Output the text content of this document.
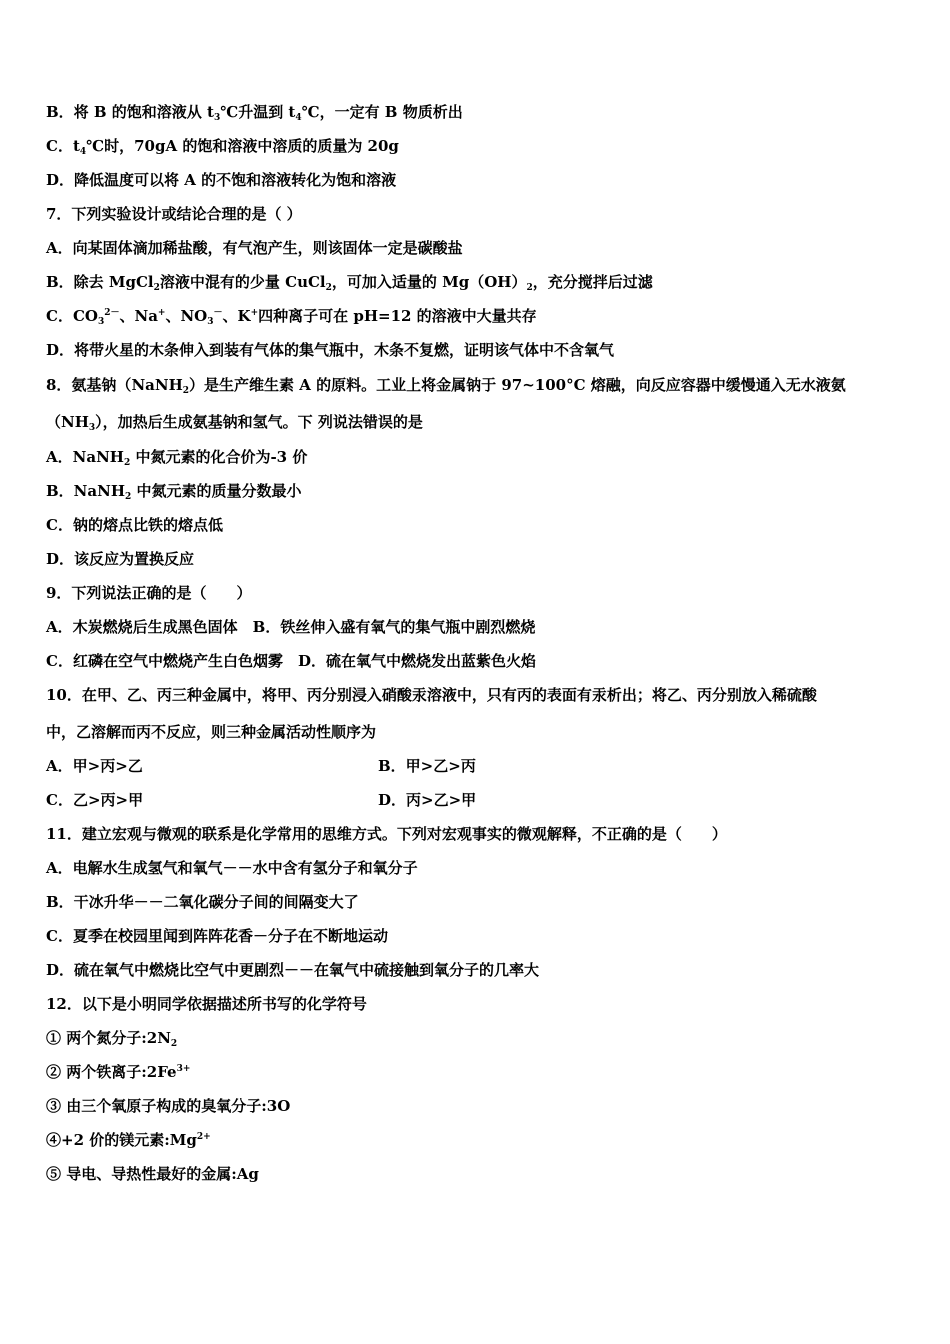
B．将 B 的饱和溶液从 $t_3℃$升温到 $t_4℃$，一定有 B 物质析出
C．$t_4℃$时，70gA 的饱和溶液中溶质的质量为 20g
D．降低温度可以将 A 的不饱和溶液转化为饱和溶液
7．下列实验设计或结论合理的是（ ）
A．向某固体滴加稀盐酸，有气泡产生，则该固体一定是碳酸盐
B．除去 MgCl$_2$溶液中混有的少量 CuCl$_2$，可加入适量的 $Mg(OH)_2$，充分搅拌后过滤
C．$CO_3^{2-}$、Na+、$NO_3^-$、K+四种离子可在 pH=12 的溶液中大量共存
D．将带火星的木条伸入到装有气体的集气瓶中，木条不复燃，证明该气体中不含氧气
8．氨基钠（NaNH$_2$）是生产维生素 A 的原料。工业上将金属钠于 97~100°C 熔融，向反应容器中缓慢通入无水液氨
$(NH_3)$，加热后生成氨基钠和氢气。下 列说法错误的是
A．NaNH$_2$ 中氮元素的化合价为-3 价
B．NaNH$_2$ 中氮元素的质量分数最小
C．钠的熔点比铁的熔点低
D．该反应为置换反应
9．下列说法正确的是（　　）
A．木炭燃烧后生成黑色固体　B．铁丝伸入盛有氧气的集气瓶中剧烈燃烧
C．红磷在空气中燃烧产生白色烟雾　D．硫在氧气中燃烧发出蓝紫色火焰
10．在甲、乙、丙三种金属中，将甲、丙分别浸入硝酸汞溶液中，只有丙的表面有汞析出；将乙、丙分别放入稀硫酸
中，乙溶解而丙不反应，则三种金属活动性顺序为
A．甲>丙>乙	B．甲>乙>丙
C．乙>丙>甲	D．丙>乙>甲
11．建立宏观与微观的联系是化学常用的思维方式。下列对宏观事实的微观解释，不正确的是（　　）
A．电解水生成氢气和氧气－－水中含有氢分子和氧分子
B．干冰升华－－二氧化碳分子间的间隔变大了
C．夏季在校园里闻到阵阵花香－分子在不断地运动
D．硫在氧气中燃烧比空气中更剧烈－－在氧气中硫接触到氧分子的几率大
12．以下是小明同学依据描述所书写的化学符号
① 两个氮分子$:2N_2$
② 两个铁离子$:2Fe^{3+}$
③ 由三个氧原子构成的臭氧分子:3O
④+2 价的镁元素$:Mg^{2+}$
⑤ 导电、导热性最好的金属:Ag
